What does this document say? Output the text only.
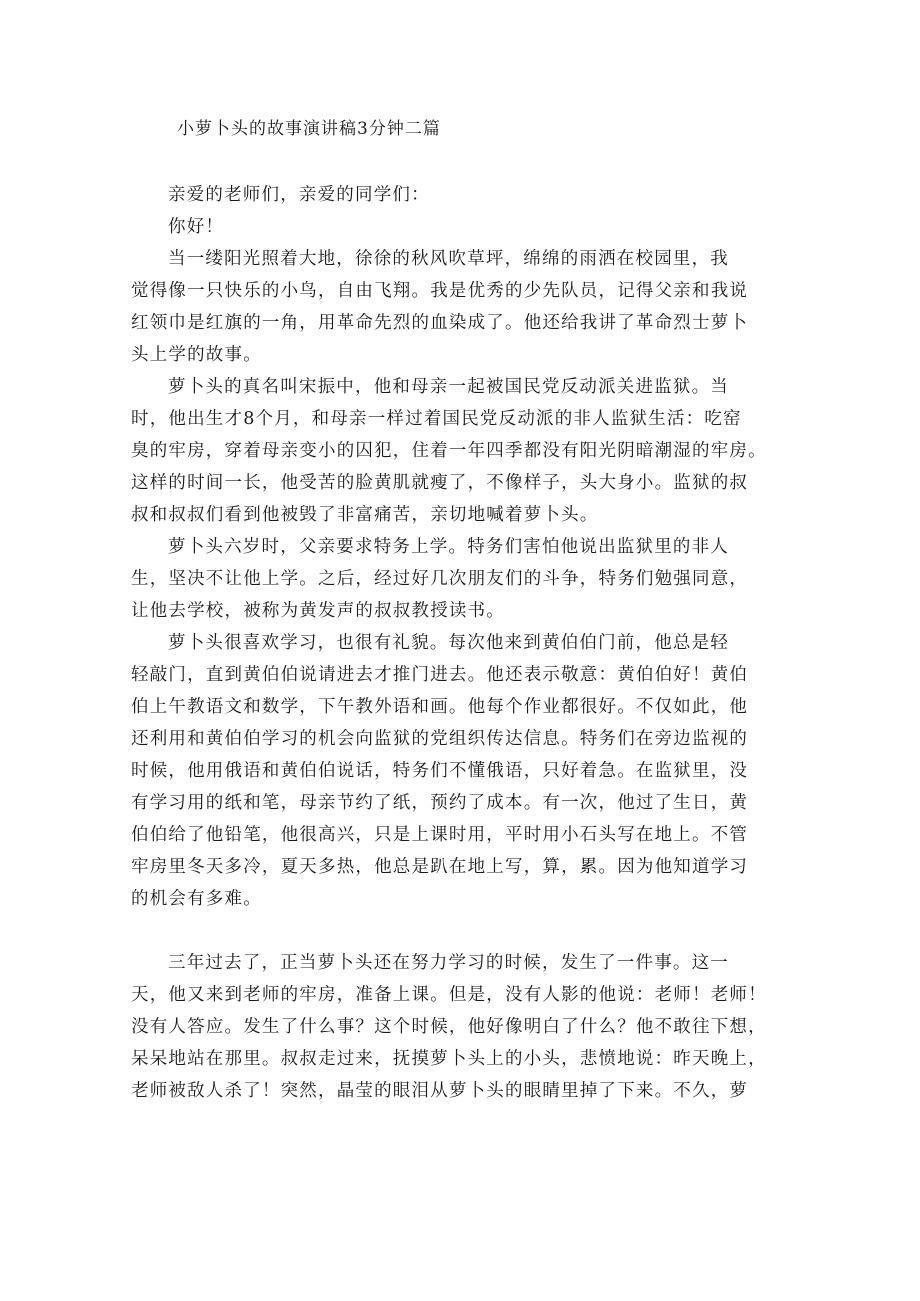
小萝卜头的故事演讲稿3分钟二篇
亲爱的老师们，亲爱的同学们：
你好！
当一缕阳光照着大地，徐徐的秋风吹草坪，绵绵的雨洒在校园里，我
觉得像一只快乐的小鸟，自由飞翔。我是优秀的少先队员，记得父亲和我说
红领巾是红旗的一角，用革命先烈的血染成了。他还给我讲了革命烈士萝卜
头上学的故事。
萝卜头的真名叫宋振中，他和母亲一起被国民党反动派关进监狱。当
时，他出生才8个月，和母亲一样过着国民党反动派的非人监狱生活：吃窑
臭的牢房，穿着母亲变小的囚犯，住着一年四季都没有阳光阴暗潮湿的牢房。
这样的时间一长，他受苦的脸黄肌就瘦了，不像样子，头大身小。监狱的叔
叔和叔叔们看到他被毁了非富痛苦，亲切地喊着萝卜头。
萝卜头六岁时，父亲要求特务上学。特务们害怕他说出监狱里的非人
生，坚决不让他上学。之后，经过好几次朋友们的斗争，特务们勉强同意，
让他去学校，被称为黄发声的叔叔教授读书。
萝卜头很喜欢学习，也很有礼貌。每次他来到黄伯伯门前，他总是轻
轻敲门，直到黄伯伯说请进去才推门进去。他还表示敬意：黄伯伯好！黄伯
伯上午教语文和数学，下午教外语和画。他每个作业都很好。不仅如此，他
还利用和黄伯伯学习的机会向监狱的党组织传达信息。特务们在旁边监视的
时候，他用俄语和黄伯伯说话，特务们不懂俄语，只好着急。在监狱里，没
有学习用的纸和笔，母亲节约了纸，预约了成本。有一次，他过了生日，黄
伯伯给了他铅笔，他很高兴，只是上课时用，平时用小石头写在地上。不管
牢房里冬天多冷，夏天多热，他总是趴在地上写，算，累。因为他知道学习
的机会有多难。
三年过去了，正当萝卜头还在努力学习的时候，发生了一件事。这一
天，他又来到老师的牢房，准备上课。但是，没有人影的他说：老师！老师！
没有人答应。发生了什么事？这个时候，他好像明白了什么？他不敢往下想，
呆呆地站在那里。叔叔走过来，抚摸萝卜头上的小头，悲愤地说：昨天晚上，
老师被敌人杀了！突然，晶莹的眼泪从萝卜头的眼睛里掉了下来。不久，萝
